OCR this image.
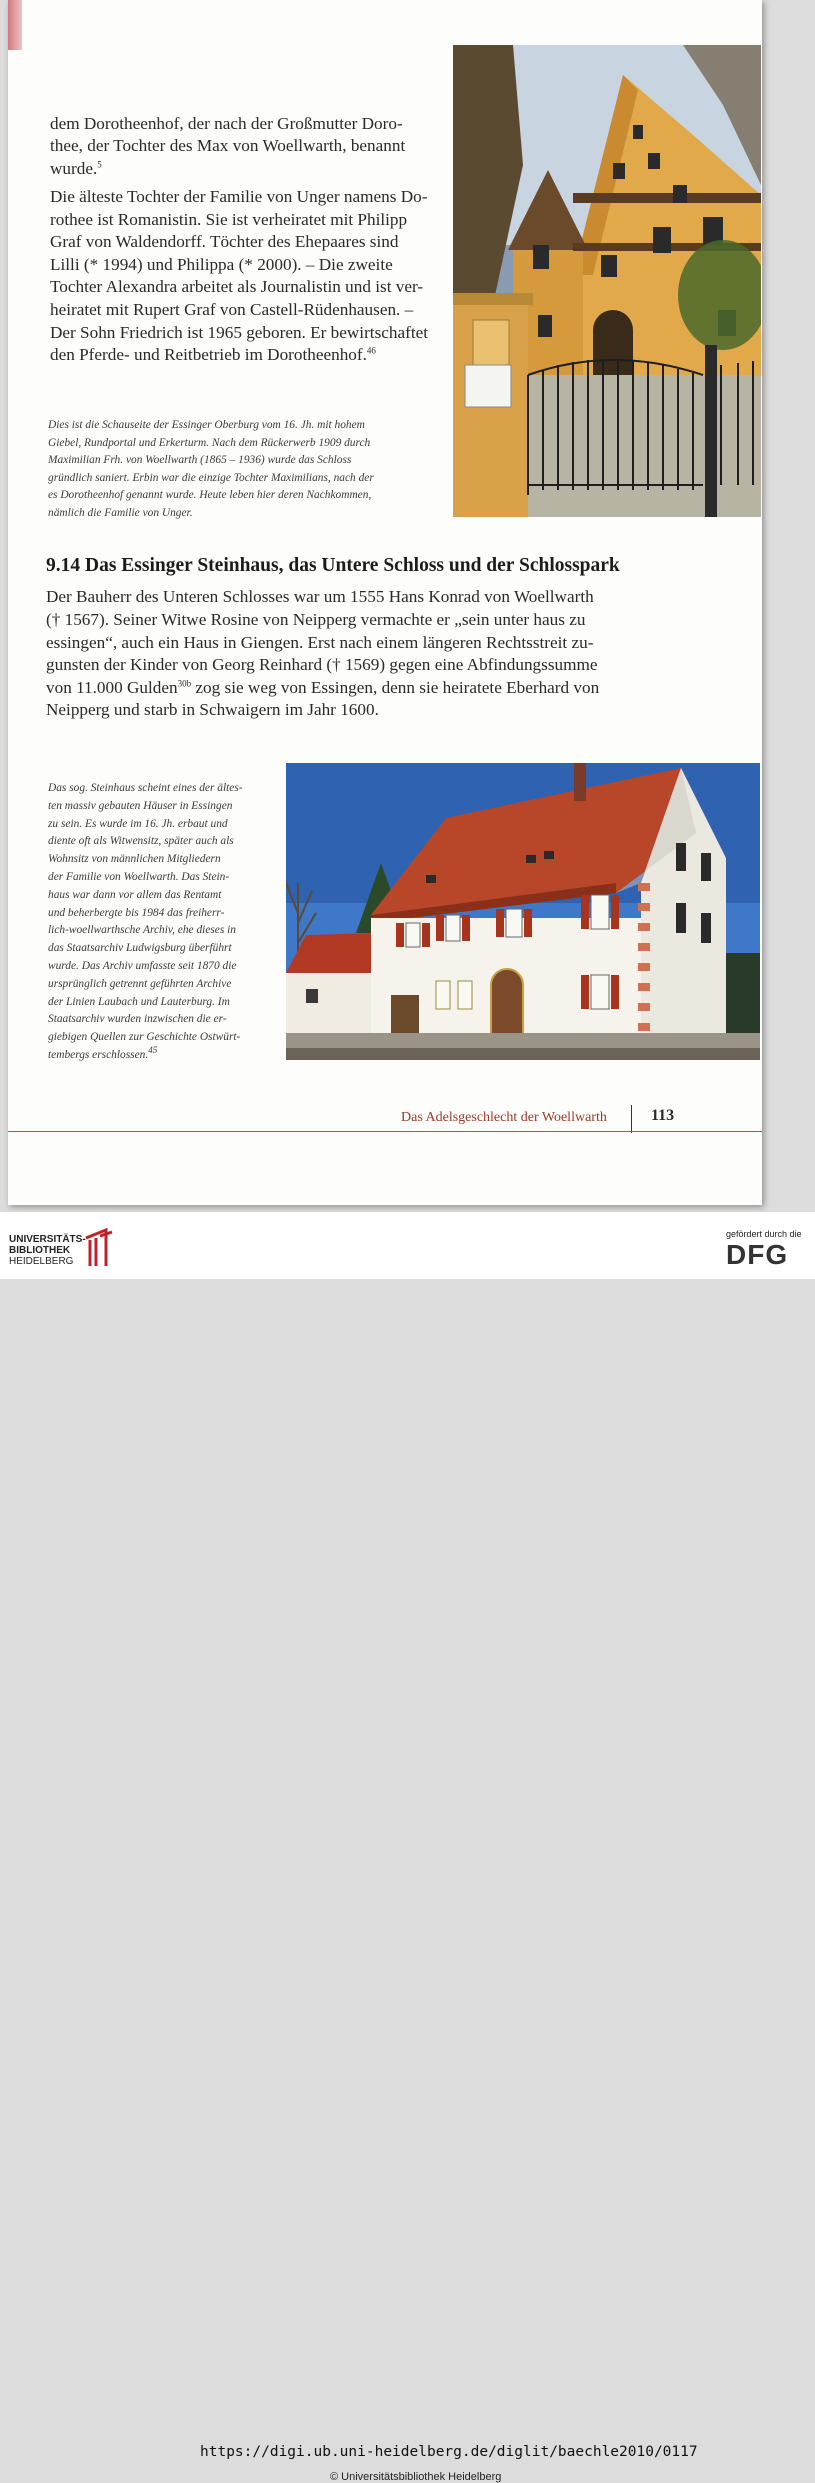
dem Dorotheenhof, der nach der Großmutter Doro-

thee, der Tochter des Max von Woellwarth, benannt

wurde.$^5$

Die älteste Tochter der Familie von Unger namens Do-

rothee ist Romanistin. Sie ist verheiratet mit Philipp

Graf von Waldendorff. Töchter des Ehepaares sind

Lilli (* 1994) und Philippa (* 2000). – Die zweite

Tochter Alexandra arbeitet als Journalistin und ist ver-

heiratet mit Rupert Graf von Castell-Rüdenhausen. –

Der Sohn Friedrich ist 1965 geboren. Er bewirtschaftet

den Pferde- und Reitbetrieb im Dorotheenhof.$^{46}$

Dies ist die Schauseite der Essinger Oberburg vom 16. Jh. mit hohem

Giebel, Rundportal und Erkerturm. Nach dem Rückerwerb 1909 durch

Maximilian Frh. von Woellwarth (1865 – 1936) wurde das Schloss

gründlich saniert. Erbin war die einzige Tochter Maximilians, nach der

es Dorotheenhof genannt wurde. Heute leben hier deren Nachkommen,

nämlich die Familie von Unger.

9.14 Das Essinger Steinhaus, das Untere Schloss und der Schlosspark

Der Bauherr des Unteren Schlosses war um 1555 Hans Konrad von Woellwarth

(† 1567). Seiner Witwe Rosine von Neipperg vermachte er „sein unter haus zu

essingen“, auch ein Haus in Giengen. Erst nach einem längeren Rechtsstreit zu-

gunsten der Kinder von Georg Reinhard († 1569) gegen eine Abfindungssumme

von 11.000 Gulden$^{30b}$ zog sie weg von Essingen, denn sie heiratete Eberhard von

Neipperg und starb in Schwaigern im Jahr 1600.

Das sog. Steinhaus scheint eines der ältes-

ten massiv gebauten Häuser in Essingen

zu sein. Es wurde im 16. Jh. erbaut und

diente oft als Witwensitz, später auch als

Wohnsitz von männlichen Mitgliedern

der Familie von Woellwarth. Das Stein-

haus war dann vor allem das Rentamt

und beherbergte bis 1984 das freiherr-

lich-woellwarthsche Archiv, ehe dieses in

das Staatsarchiv Ludwigsburg überführt

wurde. Das Archiv umfasste seit 1870 die

ursprünglich getrennt geführten Archive

der Linien Laubach und Lauterburg. Im

Staatsarchiv wurden inzwischen die er-

giebigen Quellen zur Geschichte Ostwürt-

tembergs erschlossen.$^{45}$

Das Adelsgeschlecht der Woellwarth	113
UNIVERSITÄTS-
BIBLIOTHEK
HEIDELBERG
https://digi.ub.uni-heidelberg.de/diglit/baechle2010/0117
© Universitätsbibliothek Heidelberg
gefördert durch die
DFG
